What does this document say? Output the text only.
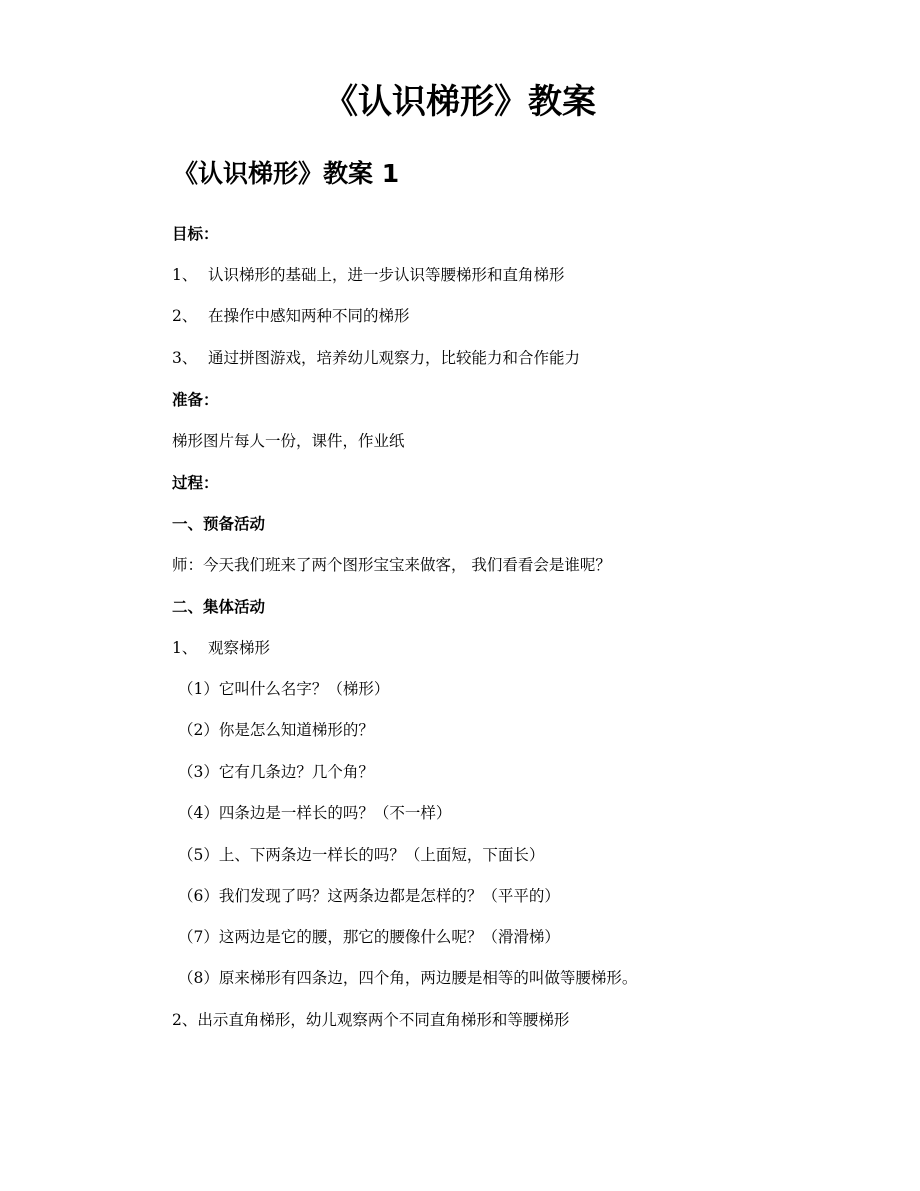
《认识梯形》教案
《认识梯形》教案 1

目标：

1、 认识梯形的基础上，进一步认识等腰梯形和直角梯形

2、 在操作中感知两种不同的梯形

3、 通过拼图游戏，培养幼儿观察力，比较能力和合作能力

准备：

梯形图片每人一份，课件，作业纸

过程：

一、预备活动

师：今天我们班来了两个图形宝宝来做客， 我们看看会是谁呢？

二、集体活动

1、 观察梯形

（1）它叫什么名字？（梯形）

（2）你是怎么知道梯形的？

（3）它有几条边？几个角？

（4）四条边是一样长的吗？（不一样）

（5）上、下两条边一样长的吗？（上面短，下面长）

（6）我们发现了吗？这两条边都是怎样的？（平平的）

（7）这两边是它的腰，那它的腰像什么呢？（滑滑梯）

（8）原来梯形有四条边，四个角，两边腰是相等的叫做等腰梯形。

2、出示直角梯形，幼儿观察两个不同直角梯形和等腰梯形
